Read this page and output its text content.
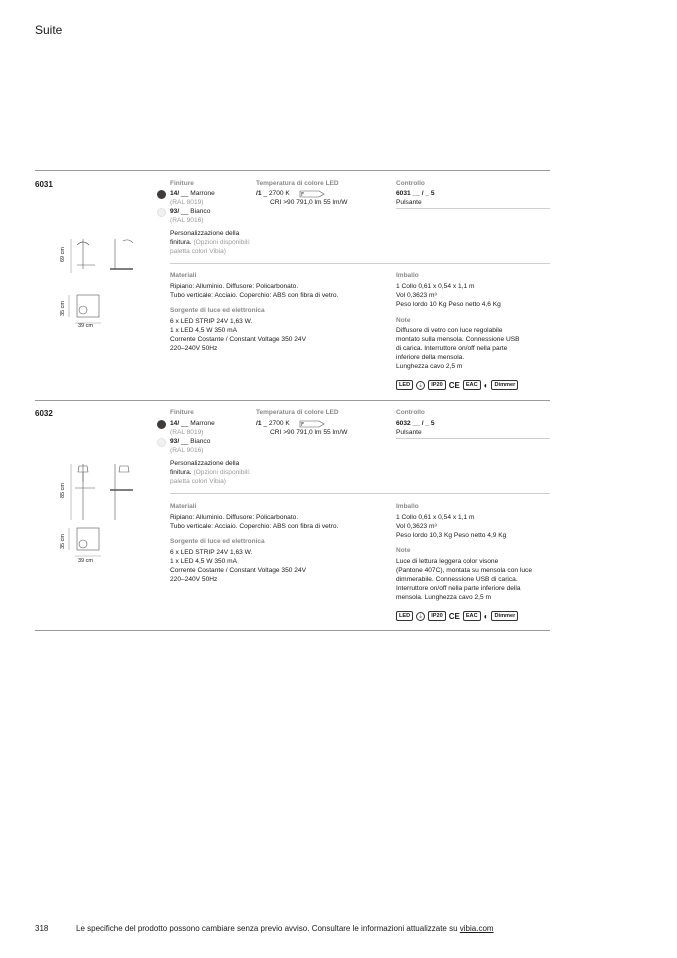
Suite
6031
69 cm
35 cm
39 cm
Finiture
14/ __ Marrone
(RAL 8019)
93/ __ Bianco
(RAL 9016)
Personalizzazione della
finitura. (Opzioni disponibili:
paletta colori Vibia)
Temperatura di colore LED
/1 _ 2700 K F
CRI >90 791,0 lm 55 lm/W
Controllo
6031 __ / _ 5
Pulsante
Materiali
Ripiano: Alluminio. Diffusore: Policarbonato.
Tubo verticale: Acciaio. Coperchio: ABS con fibra di vetro.
Sorgente di luce ed elettronica
6 x LED STRIP 24V 1,63 W.
1 x LED 4,5 W 350 mA
Corrente Costante / Constant Voltage 350 24V
220–240V 50Hz
Imballo
1 Collo 0,61 x 0,54 x 1,1 m
Vol 0,3623 m³
Peso lordo 10 Kg Peso netto 4,6 Kg
Note
Diffusore di vetro con luce regolabile
montato sulla mensola. Connessione USB
di carica. Interruttore on/off nella parte
inferiore della mensola.
Lunghezza cavo 2,5 m
LED	⏚	IP20 CE	EAC ◐	Dimmer
6032
85 cm
35 cm
39 cm
Finiture
14/ __ Marrone
(RAL 8019)
93/ __ Bianco
(RAL 9016)
Personalizzazione della
finitura. (Opzioni disponibili:
paletta colori Vibia)
Temperatura di colore LED
/1 _ 2700 K F
CRI >90 791,0 lm 55 lm/W
Controllo
6032 __ / _ 5
Pulsante
Materiali
Ripiano: Alluminio. Diffusore: Policarbonato.
Tubo verticale: Acciaio. Coperchio: ABS con fibra di vetro.
Sorgente di luce ed elettronica
6 x LED STRIP 24V 1,63 W.
1 x LED 4,5 W 350 mA
Corrente Costante / Constant Voltage 350 24V
220–240V 50Hz
Imballo
1 Collo 0,61 x 0,54 x 1,1 m
Vol 0,3623 m³
Peso lordo 10,3 Kg Peso netto 4,9 Kg
Note
Luce di lettura leggera color visone
(Pantone 407C), montata su mensola con luce
dimmerabile. Connessione USB di carica.
Interruttore on/off nella parte inferiore della
mensola. Lunghezza cavo 2,5 m
LED	⏚	IP20 CE	EAC ◐	Dimmer
318	Le specifiche del prodotto possono cambiare senza previo avviso. Consultare le informazioni attualizzate su vibia.com
